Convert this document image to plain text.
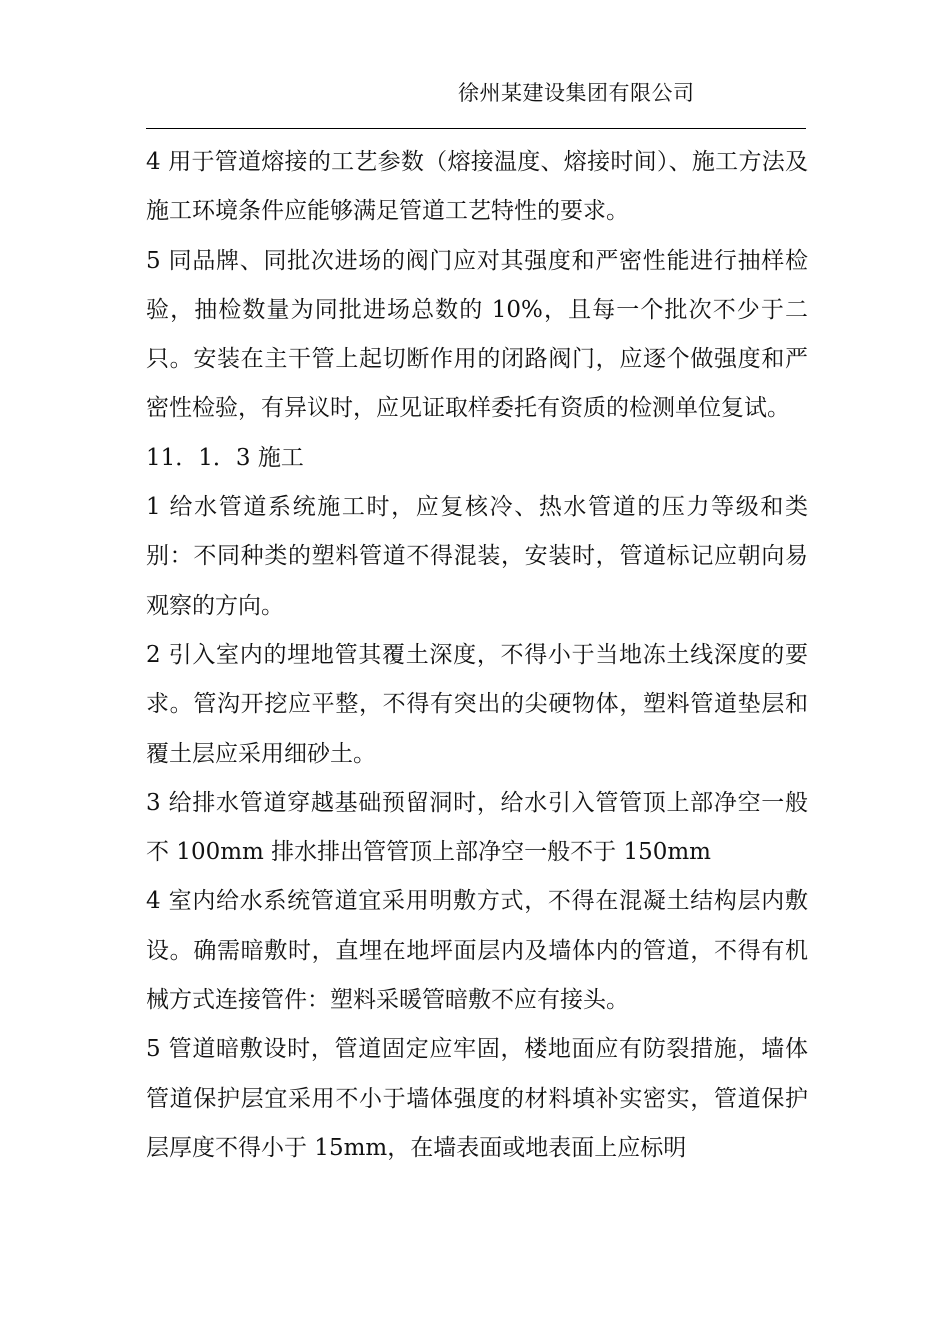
徐州某建设集团有限公司

4 用于管道熔接的工艺参数（熔接温度、熔接时间）、施工方法及施工环境条件应能够满足管道工艺特性的要求。

5 同品牌、同批次进场的阀门应对其强度和严密性能进行抽样检验，抽检数量为同批进场总数的 10%，且每一个批次不少于二只。安装在主干管上起切断作用的闭路阀门，应逐个做强度和严密性检验，有异议时，应见证取样委托有资质的检测单位复试。

11．1．3 施工

1 给水管道系统施工时，应复核冷、热水管道的压力等级和类别：不同种类的塑料管道不得混装，安装时，管道标记应朝向易观察的方向。

2 引入室内的埋地管其覆土深度，不得小于当地冻土线深度的要求。管沟开挖应平整，不得有突出的尖硬物体，塑料管道垫层和覆土层应采用细砂土。

3 给排水管道穿越基础预留洞时，给水引入管管顶上部净空一般不 100mm 排水排出管管顶上部净空一般不于 150mm

4 室内给水系统管道宜采用明敷方式，不得在混凝土结构层内敷设。确需暗敷时，直埋在地坪面层内及墙体内的管道，不得有机械方式连接管件：塑料采暖管暗敷不应有接头。

5 管道暗敷设时，管道固定应牢固，楼地面应有防裂措施，墙体管道保护层宜采用不小于墙体强度的材料填补实密实，管道保护层厚度不得小于 15mm，在墙表面或地表面上应标明
